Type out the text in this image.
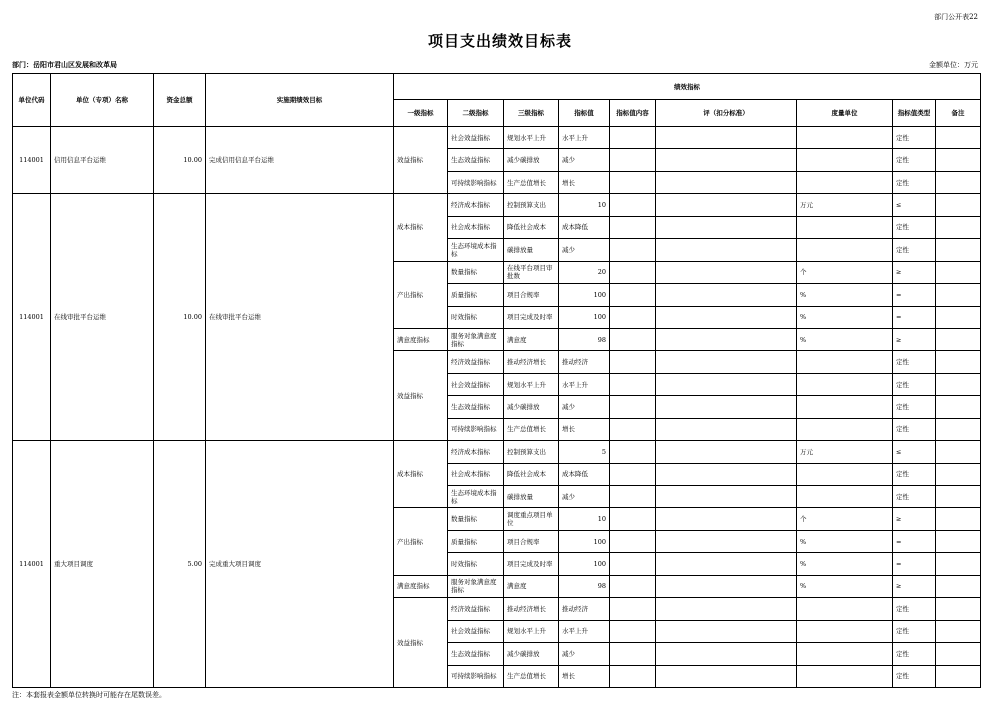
部门公开表22
项目支出绩效目标表
部门：岳阳市君山区发展和改革局	金额单位：万元
单位代码	单位（专项）名称	资金总额	实施期绩效目标	绩效指标								
				一级指标	二级指标	三级指标	指标值	指标值内容	评（扣分标准）	度量单位	指标值类型	备注
114001	信用信息平台运维	10.00	完成信用信息平台运维	效益指标	社会效益指标	规划水平上升	水平上升				定性	
					生态效益指标	减少碳排放	减少				定性	
					可持续影响指标	生产总值增长	增长				定性	
114001	在线审批平台运维	10.00	在线审批平台运维	成本指标	经济成本指标	控制预算支出	10			万元	≤	
					社会成本指标	降低社会成本	成本降低				定性	
					生态环境成本指标	碳排放量	减少				定性	
				产出指标	数量指标	在线平台项目审批数	20			个	≥	
					质量指标	项目合规率	100			%	=	
					时效指标	项目完成及时率	100			%	=	
				满意度指标	服务对象满意度指标	满意度	98			%	≥	
				效益指标	经济效益指标	推动经济增长	推动经济				定性	
					社会效益指标	规划水平上升	水平上升				定性	
					生态效益指标	减少碳排放	减少				定性	
					可持续影响指标	生产总值增长	增长				定性	
114001	重大项目调度	5.00	完成重大项目调度	成本指标	经济成本指标	控制预算支出	5			万元	≤	
					社会成本指标	降低社会成本	成本降低				定性	
					生态环境成本指标	碳排放量	减少				定性	
				产出指标	数量指标	调度重点项目单位	10			个	≥	
					质量指标	项目合规率	100			%	=	
					时效指标	项目完成及时率	100			%	=	
				满意度指标	服务对象满意度指标	满意度	98			%	≥	
				效益指标	经济效益指标	推动经济增长	推动经济				定性	
					社会效益指标	规划水平上升	水平上升				定性	
					生态效益指标	减少碳排放	减少				定性	
					可持续影响指标	生产总值增长	增长				定性	
注：本套报表金额单位转换时可能存在尾数误差。
